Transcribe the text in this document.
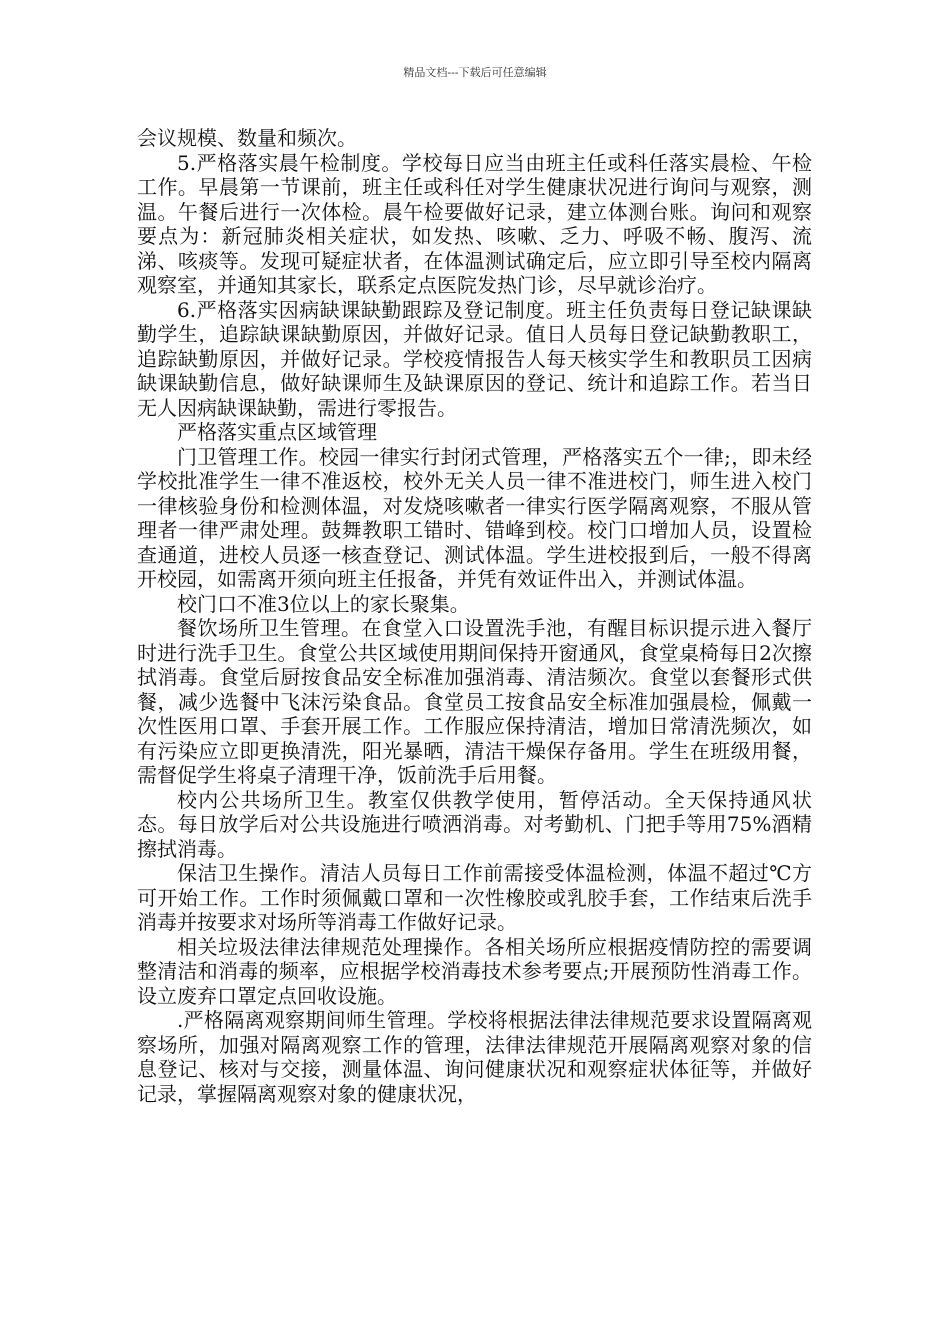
精品文档---下载后可任意编辑

会议规模、数量和频次。

5.严格落实晨午检制度。学校每日应当由班主任或科任落实晨检、午检工作。早晨第一节课前，班主任或科任对学生健康状况进行询问与观察，测温。午餐后进行一次体检。晨午检要做好记录，建立体测台账。询问和观察要点为：新冠肺炎相关症状，如发热、咳嗽、乏力、呼吸不畅、腹泻、流涕、咳痰等。发现可疑症状者，在体温测试确定后，应立即引导至校内隔离观察室，并通知其家长，联系定点医院发热门诊，尽早就诊治疗。

6.严格落实因病缺课缺勤跟踪及登记制度。班主任负责每日登记缺课缺勤学生，追踪缺课缺勤原因，并做好记录。值日人员每日登记缺勤教职工，追踪缺勤原因，并做好记录。学校疫情报告人每天核实学生和教职员工因病缺课缺勤信息，做好缺课师生及缺课原因的登记、统计和追踪工作。若当日无人因病缺课缺勤，需进行零报告。

严格落实重点区域管理

门卫管理工作。校园一律实行封闭式管理，严格落实五个一律;，即未经学校批准学生一律不准返校，校外无关人员一律不准进校门，师生进入校门一律核验身份和检测体温，对发烧咳嗽者一律实行医学隔离观察，不服从管理者一律严肃处理。鼓舞教职工错时、错峰到校。校门口增加人员，设置检查通道，进校人员逐一核查登记、测试体温。学生进校报到后，一般不得离开校园，如需离开须向班主任报备，并凭有效证件出入，并测试体温。

校门口不准3位以上的家长聚集。

餐饮场所卫生管理。在食堂入口设置洗手池，有醒目标识提示进入餐厅时进行洗手卫生。食堂公共区域使用期间保持开窗通风，食堂桌椅每日2次擦拭消毒。食堂后厨按食品安全标准加强消毒、清洁频次。食堂以套餐形式供餐，减少选餐中飞沫污染食品。食堂员工按食品安全标准加强晨检，佩戴一次性医用口罩、手套开展工作。工作服应保持清洁，增加日常清洗频次，如有污染应立即更换清洗，阳光暴晒，清洁干燥保存备用。学生在班级用餐，需督促学生将桌子清理干净，饭前洗手后用餐。

校内公共场所卫生。教室仅供教学使用，暂停活动。全天保持通风状态。每日放学后对公共设施进行喷洒消毒。对考勤机、门把手等用75%酒精擦拭消毒。

保洁卫生操作。清洁人员每日工作前需接受体温检测，体温不超过℃方可开始工作。工作时须佩戴口罩和一次性橡胶或乳胶手套，工作结束后洗手消毒并按要求对场所等消毒工作做好记录。

相关垃圾法律法律规范处理操作。各相关场所应根据疫情防控的需要调整清洁和消毒的频率，应根据学校消毒技术参考要点;开展预防性消毒工作。设立废弃口罩定点回收设施。

.严格隔离观察期间师生管理。学校将根据法律法律规范要求设置隔离观察场所，加强对隔离观察工作的管理，法律法律规范开展隔离观察对象的信息登记、核对与交接，测量体温、询问健康状况和观察症状体征等，并做好记录，掌握隔离观察对象的健康状况，
